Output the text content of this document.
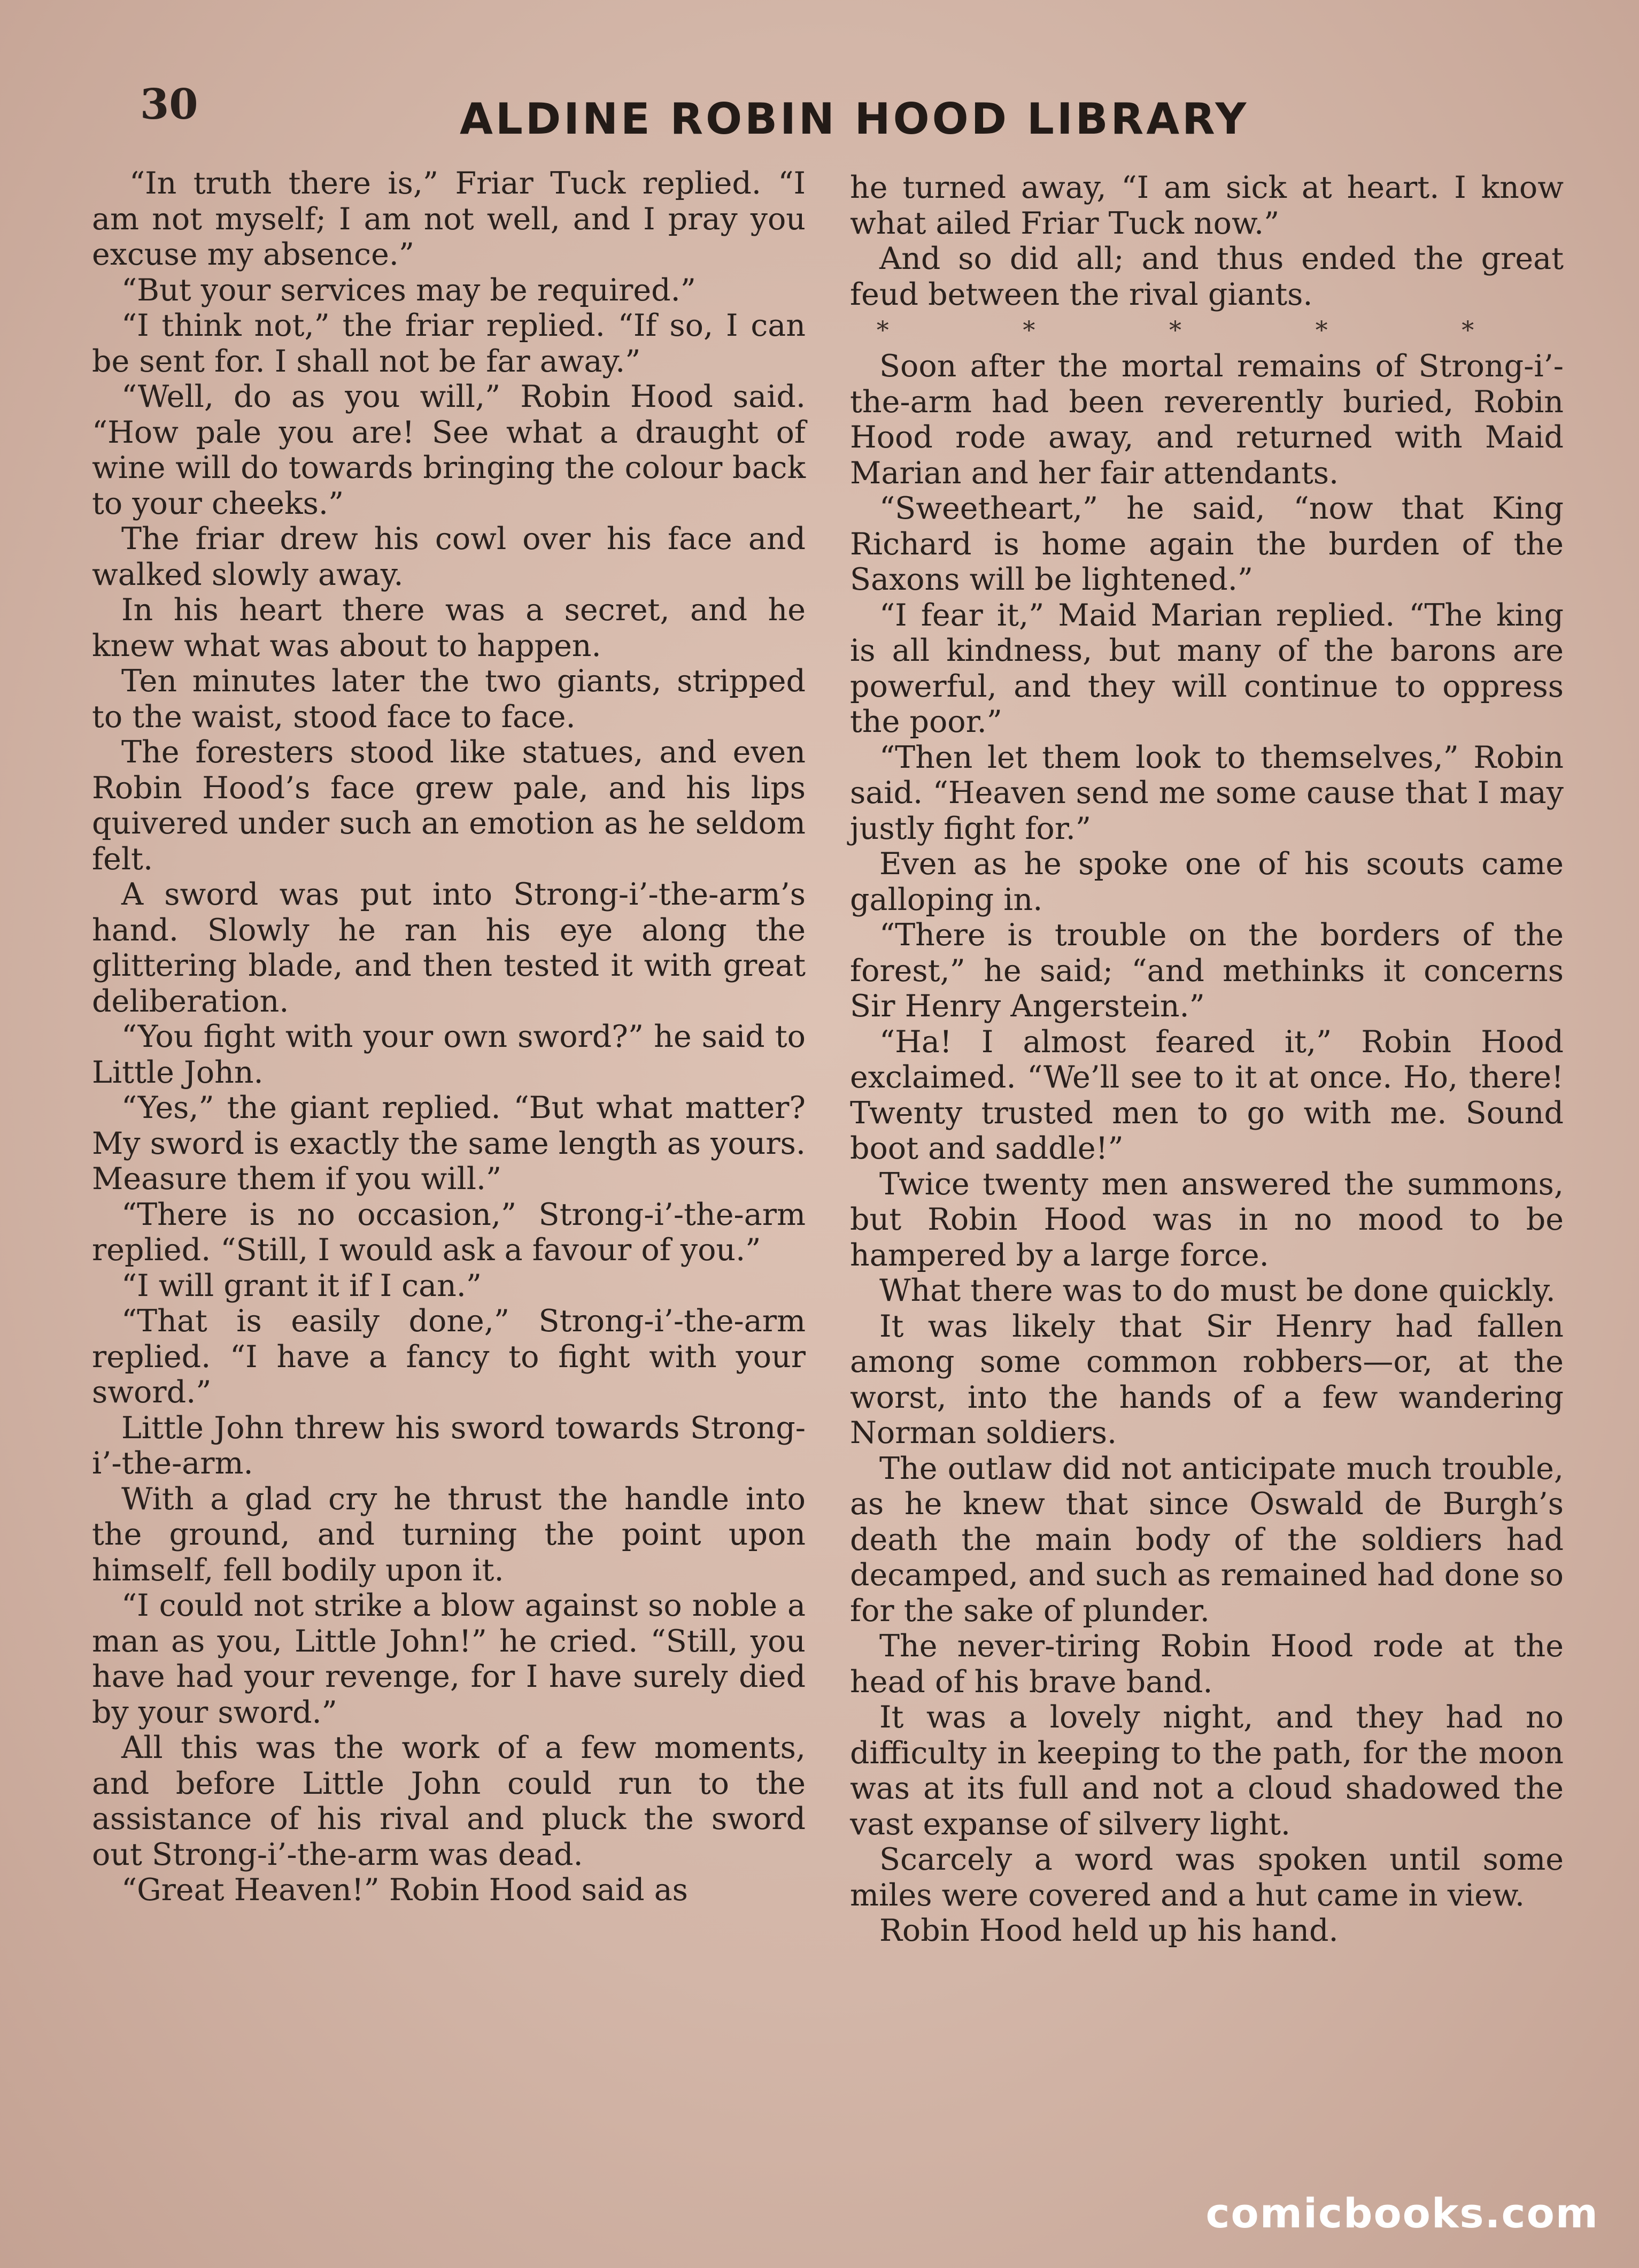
30	ALDINE ROBIN HOOD LIBRARY

“In truth there is,” Friar Tuck replied. “I am not myself; I am not well, and I pray you excuse my absence.”

“But your services may be required.”

“I think not,” the friar replied. “If so, I can be sent for. I shall not be far away.”

“Well, do as you will,” Robin Hood said. “How pale you are! See what a draught of wine will do towards bringing the colour back to your cheeks.”

The friar drew his cowl over his face and walked slowly away.

In his heart there was a secret, and he knew what was about to happen.

Ten minutes later the two giants, stripped to the waist, stood face to face.

The foresters stood like statues, and even Robin Hood’s face grew pale, and his lips quivered under such an emotion as he seldom felt.

A sword was put into Strong-i’-the-arm’s hand. Slowly he ran his eye along the glittering blade, and then tested it with great deliberation.

“You fight with your own sword?” he said to Little John.

“Yes,” the giant replied. “But what matter? My sword is exactly the same length as yours. Measure them if you will.”

“There is no occasion,” Strong-i’-the-arm replied. “Still, I would ask a favour of you.”

“I will grant it if I can.”

“That is easily done,” Strong-i’-the-arm replied. “I have a fancy to fight with your sword.”

Little John threw his sword towards Strong-i’-the-arm.

With a glad cry he thrust the handle into the ground, and turning the point upon himself, fell bodily upon it.

“I could not strike a blow against so noble a man as you, Little John!” he cried. “Still, you have had your revenge, for I have surely died by your sword.”

All this was the work of a few moments, and before Little John could run to the assistance of his rival and pluck the sword out Strong-i’-the-arm was dead.

“Great Heaven!” Robin Hood said as

he turned away, “I am sick at heart. I know what ailed Friar Tuck now.”

And so did all; and thus ended the great feud between the rival giants.

* * * * *

Soon after the mortal remains of Strong-i’-the-arm had been reverently buried, Robin Hood rode away, and returned with Maid Marian and her fair attendants.

“Sweetheart,” he said, “now that King Richard is home again the burden of the Saxons will be lightened.”

“I fear it,” Maid Marian replied. “The king is all kindness, but many of the barons are powerful, and they will continue to oppress the poor.”

“Then let them look to themselves,” Robin said. “Heaven send me some cause that I may justly fight for.”

Even as he spoke one of his scouts came galloping in.

“There is trouble on the borders of the forest,” he said; “and methinks it concerns Sir Henry Angerstein.”

“Ha! I almost feared it,” Robin Hood exclaimed. “We’ll see to it at once. Ho, there! Twenty trusted men to go with me. Sound boot and saddle!”

Twice twenty men answered the summons, but Robin Hood was in no mood to be hampered by a large force.

What there was to do must be done quickly.

It was likely that Sir Henry had fallen among some common robbers—or, at the worst, into the hands of a few wandering Norman soldiers.

The outlaw did not anticipate much trouble, as he knew that since Oswald de Burgh’s death the main body of the soldiers had decamped, and such as remained had done so for the sake of plunder.

The never-tiring Robin Hood rode at the head of his brave band.

It was a lovely night, and they had no difficulty in keeping to the path, for the moon was at its full and not a cloud shadowed the vast expanse of silvery light.

Scarcely a word was spoken until some miles were covered and a hut came in view.

Robin Hood held up his hand.

comicbooks.com
